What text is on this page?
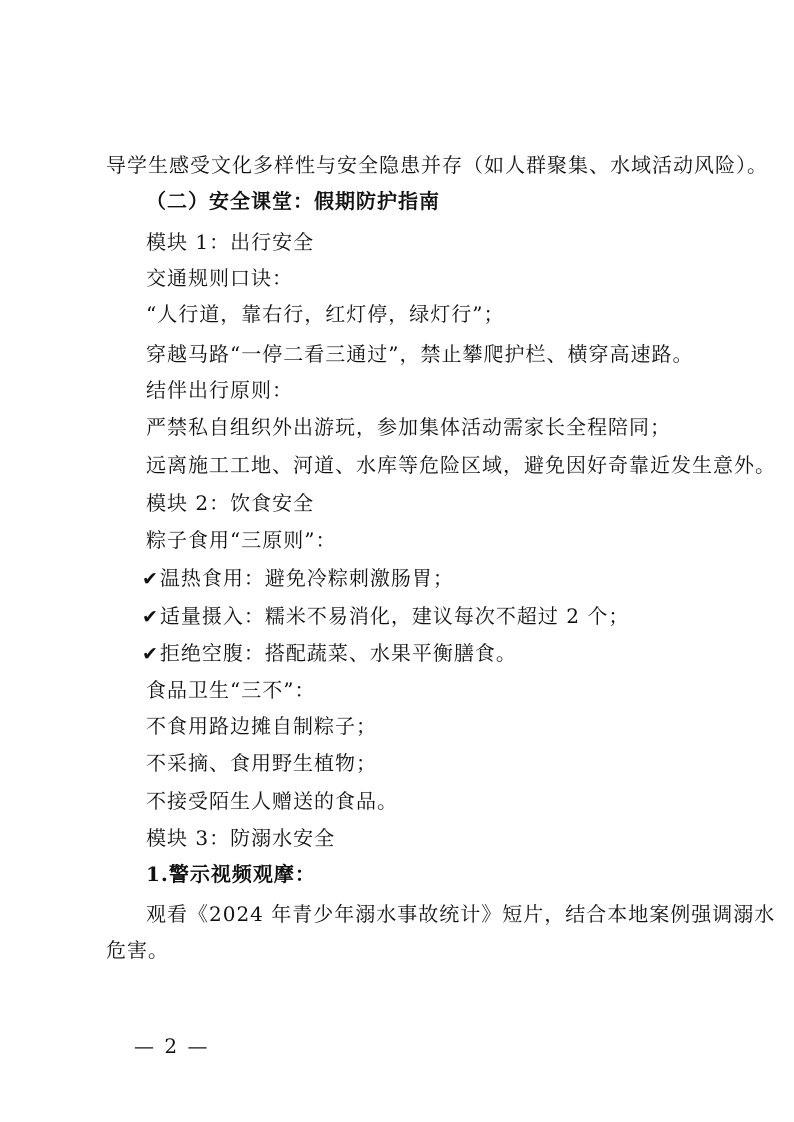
导学生感受文化多样性与安全隐患并存（如人群聚集、水域活动风险）。
（二）安全课堂：假期防护指南
模块 1：出行安全
交通规则口诀：
“人行道，靠右行，红灯停，绿灯行”；
穿越马路“一停二看三通过”，禁止攀爬护栏、横穿高速路。
结伴出行原则：
严禁私自组织外出游玩，参加集体活动需家长全程陪同；
远离施工工地、河道、水库等危险区域，避免因好奇靠近发生意外。
模块 2：饮食安全
粽子食用“三原则”：
✔温热食用：避免冷粽刺激肠胃；
✔适量摄入：糯米不易消化，建议每次不超过 2 个；
✔拒绝空腹：搭配蔬菜、水果平衡膳食。
食品卫生“三不”：
不食用路边摊自制粽子；
不采摘、食用野生植物；
不接受陌生人赠送的食品。
模块 3：防溺水安全
1.警示视频观摩：
观看《2024 年青少年溺水事故统计》短片，结合本地案例强调溺水
危害。
— 2 —
